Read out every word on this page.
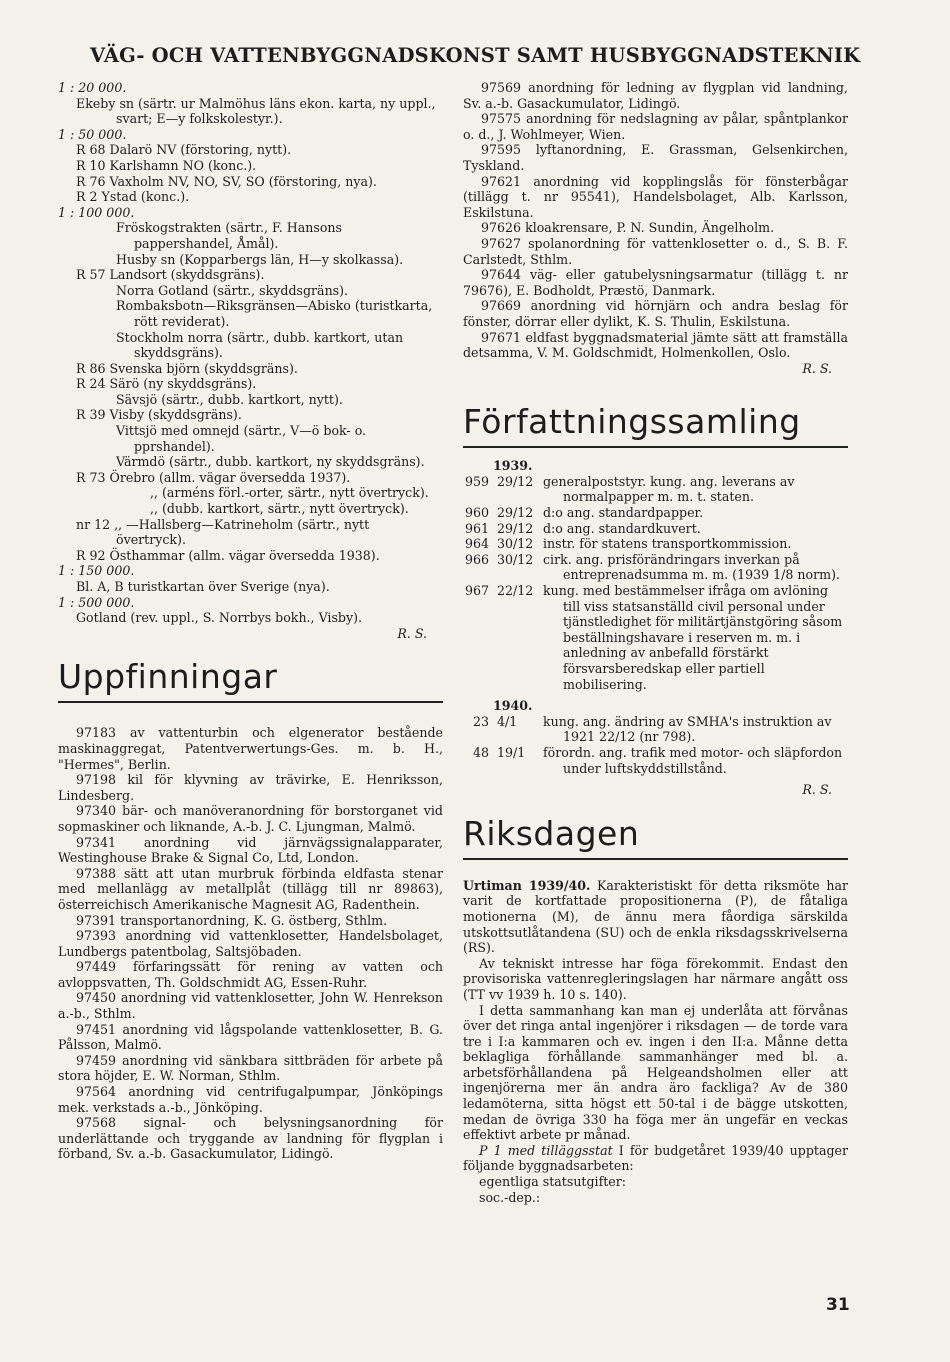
VÄG- OCH VATTENBYGGNADSKONST SAMT HUSBYGGNADSTEKNIK

1 : 20 000.

Ekeby sn (särtr. ur Malmöhus läns ekon. karta, ny uppl., svart; E—y folkskolestyr.).

1 : 50 000.

R 68 Dalarö NV (förstoring, nytt).

R 10 Karlshamn NO (konc.).

R 76 Vaxholm NV, NO, SV, SO (förstoring, nya).

R 2 Ystad (konc.).

1 : 100 000.

Fröskogstrakten (särtr., F. Hansons pappershandel, Åmål).

Husby sn (Kopparbergs län, H—y skolkassa).

R 57 Landsort (skyddsgräns).

Norra Gotland (särtr., skyddsgräns).

Rombaksbotn—Riksgränsen—Abisko (turistkarta, rött reviderat).

Stockholm norra (särtr., dubb. kartkort, utan skyddsgräns).

R 86 Svenska björn (skyddsgräns).

R 24 Särö (ny skyddsgräns).

Sävsjö (särtr., dubb. kartkort, nytt).

R 39 Visby (skyddsgräns).

Vittsjö med omnejd (särtr., V—ö bok- o. pprshandel).

Värmdö (särtr., dubb. kartkort, ny skyddsgräns).

R 73 Örebro (allm. vägar översedda 1937).

,, (arméns förl.-orter, särtr., nytt övertryck).

,, (dubb. kartkort, särtr., nytt övertryck).

nr 12 ,, —Hallsberg—Katrineholm (särtr., nytt övertryck).

R 92 Östhammar (allm. vägar översedda 1938).

1 : 150 000.

Bl. A, B turistkartan över Sverige (nya).

1 : 500 000.

Gotland (rev. uppl., S. Norrbys bokh., Visby).

R. S.

Uppfinningar

97183 av vattenturbin och elgenerator bestående maskinaggregat, Patentverwertungs-Ges. m. b. H., "Hermes", Berlin.

97198 kil för klyvning av trävirke, E. Henriksson, Lindesberg.

97340 bär- och manöveranordning för borstorganet vid sopmaskiner och liknande, A.-b. J. C. Ljungman, Malmö.

97341 anordning vid järnvägssignalapparater, Westinghouse Brake & Signal Co, Ltd, London.

97388 sätt att utan murbruk förbinda eldfasta stenar med mellanlägg av metallplåt (tillägg till nr 89863), österreichisch Amerikanische Magnesit AG, Radenthein.

97391 transportanordning, K. G. östberg, Sthlm.

97393 anordning vid vattenklosetter, Handelsbolaget, Lundbergs patentbolag, Saltsjöbaden.

97449 förfaringssätt för rening av vatten och avloppsvatten, Th. Goldschmidt AG, Essen-Ruhr.

97450 anordning vid vattenklosetter, John W. Henrekson a.-b., Sthlm.

97451 anordning vid lågspolande vattenklosetter, B. G. Pålsson, Malmö.

97459 anordning vid sänkbara sittbräden för arbete på stora höjder, E. W. Norman, Sthlm.

97564 anordning vid centrifugalpumpar, Jönköpings mek. verkstads a.-b., Jönköping.

97568 signal- och belysningsanordning för underlättande och tryggande av landning för flygplan i förband, Sv. a.-b. Gasackumulator, Lidingö.

97569 anordning för ledning av flygplan vid landning, Sv. a.-b. Gasackumulator, Lidingö.

97575 anordning för nedslagning av pålar, spåntplankor o. d., J. Wohlmeyer, Wien.

97595 lyftanordning, E. Grassman, Gelsenkirchen, Tyskland.

97621 anordning vid kopplingslås för fönsterbågar (tillägg t. nr 95541), Handelsbolaget, Alb. Karlsson, Eskilstuna.

97626 kloakrensare, P. N. Sundin, Ängelholm.

97627 spolanordning för vattenklosetter o. d., S. B. F. Carlstedt, Sthlm.

97644 väg- eller gatubelysningsarmatur (tillägg t. nr 79676), E. Bodholdt, Præstö, Danmark.

97669 anordning vid hörnjärn och andra beslag för fönster, dörrar eller dylikt, K. S. Thulin, Eskilstuna.

97671 eldfast byggnadsmaterial jämte sätt att framställa detsamma, V. M. Goldschmidt, Holmenkollen, Oslo.

R. S.

Författningssamling

1939.

959 29/12 generalpoststyr. kung. ang. leverans av normalpapper m. m. t. staten.
960 29/12 d:o ang. standardpapper.
961 29/12 d:o ang. standardkuvert.
964 30/12 instr. för statens transportkommission.
966 30/12 cirk. ang. prisförändringars inverkan på entreprenadsumma m. m. (1939 1/8 norm).
967 22/12 kung. med bestämmelser ifråga om avlöning till viss statsanställd civil personal under tjänstledighet för militärtjänstgöring såsom beställningshavare i reserven m. m. i anledning av anbefalld förstärkt försvarsberedskap eller partiell mobilisering.

1940.

23 4/1	kung. ang. ändring av SMHA's instruktion av 1921 22/12 (nr 798).
48 19/1	förordn. ang. trafik med motor- och släpfordon under luftskyddstillstånd.

R. S.

Riksdagen

Urtiman 1939/40. Karakteristiskt för detta riksmöte har varit de kortfattade propositionerna (P), de fåtaliga motionerna (M), de ännu mera fåordiga särskilda utskottsutlåtandena (SU) och de enkla riksdagsskrivelserna (RS).

Av tekniskt intresse har föga förekommit. Endast den provisoriska vattenregleringslagen har närmare angått oss (TT vv 1939 h. 10 s. 140).

I detta sammanhang kan man ej underlåta att förvånas över det ringa antal ingenjörer i riksdagen — de torde vara tre i I:a kammaren och ev. ingen i den II:a. Månne detta beklagliga förhållande sammanhänger med bl. a. arbetsförhållandena på Helgeandsholmen eller att ingenjörerna mer än andra äro fackliga? Av de 380 ledamöterna, sitta högst ett 50-tal i de bägge utskotten, medan de övriga 330 ha föga mer än ungefär en veckas effektivt arbete pr månad.

P 1 med tilläggsstat I för budgetåret 1939/40 upptager följande byggnadsarbeten:

egentliga statsutgifter:

soc.-dep.:

31
